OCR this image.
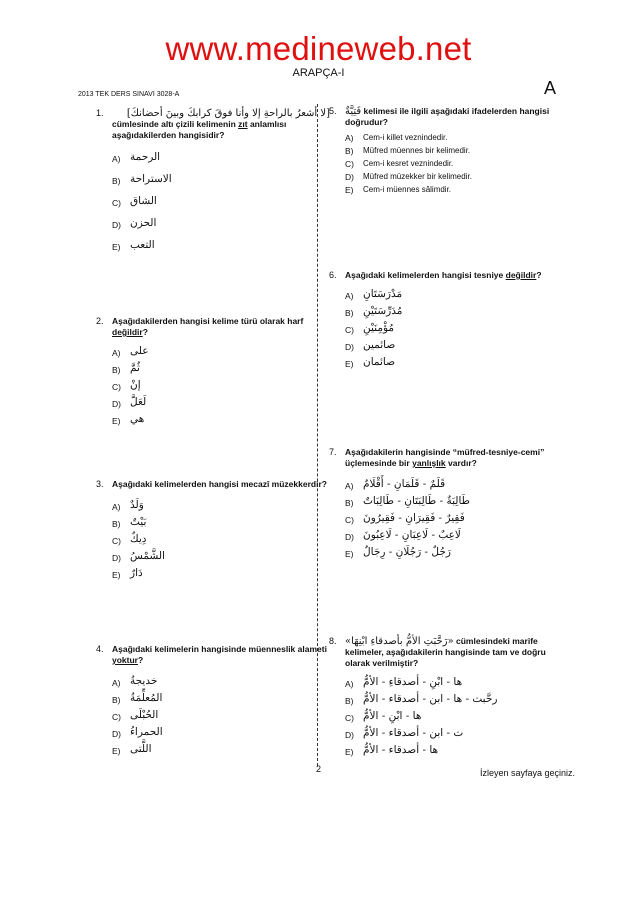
www.medineweb.net
ARAPÇA-I
A
2013 TEK DERS SINAVI 3028-A
1.	[لا أشعرُ بالراحةِ إلا وأنا فوقَ كرابكَ وبينَ أحضانكَ]
cümlesinde altı çizili kelimenin zıt anlamlısı aşağıdakilerden hangisidir?
A) الرحمة
B) الاستراحة
C) الشاق
D) الحزن
E) التعب
2. Aşağıdakilerden hangisi kelime türü olarak harf değildir?
A) علی
B) ثُمَّ
C) إنْ
D) لَعَلَّ
E) هي
3. Aşağıdaki kelimelerden hangisi mecazî müzekkerdir?
A) وَلَدٌ
B) بَيْتٌ
C) دِيكٌ
D) الشَّمْسُ
E) دَارٌ
4. Aşağıdaki kelimelerin hangisinde müenneslik alameti yoktur?
A) خديجةُ
B) المُعلِّمَةُ
C) الحُبْلَى
D) الحمراءُ
E) اللَّتى
5. فَتِيَّةٌ kelimesi ile ilgili aşağıdaki ifadelerden hangisi doğrudur?
A) Cem-i killet veznindedir.
B) Müfred müennes bir kelimedir.
C) Cem-i kesret veznindedir.
D) Müfred müzekker bir kelimedir.
E) Cem-i müennes sâlimdir.
6. Aşağıdaki kelimelerden hangisi tesniye değildir?
A) مَدْرَسَتَانِ
B) مُدَرِّسَتَيْنِ
C) مُؤْمِنَيْنِ
D) صائمين
E) صائمان
7. Aşağıdakilerin hangisinde “müfred-tesniye-cemi” üçlemesinde bir yanlışlık vardır?
A) قَلَمٌ - قَلَمَانِ - أَقْلَامٌ
B) طَالِبَةٌ - طَالِبَتَانِ - طَالِبَاتٌ
C) فَقِيرٌ - فَقِيرَانِ - فَقِيرُونَ
D) لَاعِبٌ - لَاعِبَانِ - لَاعِبُونَ
E) رَجُلٌ - رَجُلَانِ - رِجَالٌ
8. «رَحَّبَتِ الأمُّ بأصدقاءِ ابْنِهَا» cümlesindeki marife kelimeler, aşağıdakilerin hangisinde tam ve doğru olarak verilmiştir?
A) ها - ابْنِ - أصدقاءِ - الأمُّ
B) رحَّبت - ها - ابن - أصدقاء - الأمُّ
C) ها - ابْنِ - الأمُّ
D) ت - ابن - أصدقاء - الأمُّ
E) ها - أصدقاء - الأمُّ
2	İzleyen sayfaya geçiniz.
